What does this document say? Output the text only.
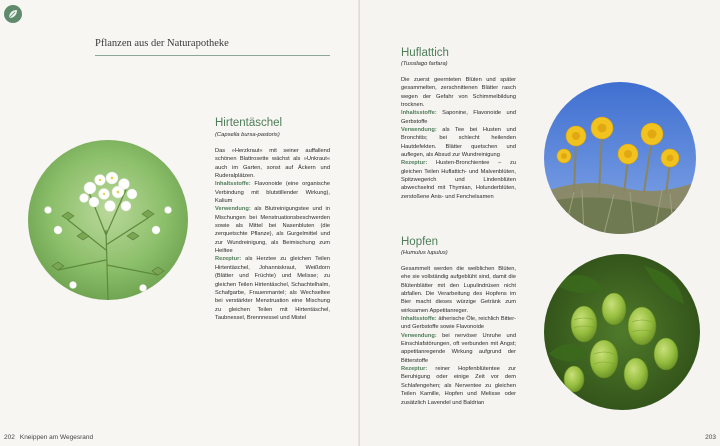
Pflanzen aus der Naturapotheke
Hirtentäschel
(Capsella bursa-pastoris)

Das »Herzkraut« mit seiner auffallend schönen Blattrosette wächst als »Unkraut« auch im Garten, sonst auf Äckern und Ruderalplätzen.
Inhaltsstoffe: Flavonoide (eine organische Verbindung mit blutstillender Wirkung), Kalium
Verwendung: als Blutreinigungstee und in Mischungen bei Menstruationsbeschwerden sowie als Mittel bei Nasenbluten (die zerquetschte Pflanze), als Gurgelmittel und zur Wundreinigung, als Beimischung zum Heiltee
Rezeptur: als Herztee zu gleichen Teilen Hirtentäschel, Johanniskraut, Weißdorn (Blätter und Früchte) und Melisse; zu gleichen Teilen Hirtentäschel, Schachtelhalm, Schafgarbe, Frauenmantel; als Wechseltee bei verstärkter Menstruation eine Mischung zu gleichen Teilen mit Hirtentäschel, Taubnessel, Brennnessel und Mistel

202 Kneippen am Wegesrand
Huflattich
(Tussilago farfara)

Die zuerst geernteten Blüten und später gesammelten, zerschnittenen Blätter rasch wegen der Gefahr von Schimmelbildung trocknen.
Inhaltsstoffe: Saponine, Flavonoide und Gerbstoffe
Verwendung: als Tee bei Husten und Bronchitis; bei schlecht heilenden Hautdefekten. Blätter quetschen und auflegen, als Absud zur Wundreinigung
Rezeptur: Husten-Bronchientee – zu gleichen Teilen Huflattich- und Malvenblüten, Spitzwegerich und Lindenblüten abwechselnd mit Thymian, Holunderblüten, zerstoßene Anis- und Fenchelsamen

Hopfen
(Humulus lupulus)

Gesammelt werden die weiblichen Blüten, ehe sie vollständig aufgeblüht sind, damit die Blütenblätter mit den Lupulindrüsen nicht abfallen. Die Verarbeitung des Hopfens im Bier macht dieses würzige Getränk zum wirksamen Appetitanreger.
Inhaltsstoffe: ätherische Öle, reichlich Bitter- und Gerbstoffe sowie Flavonoide
Verwendung: bei nervöser Unruhe und Einschlafstörungen, oft verbunden mit Angst; appetitanregende Wirkung aufgrund der Bitterstoffe
Rezeptur: reiner Hopfenblütentee zur Beruhigung oder einige Zeit vor dem Schlafengehen; als Nerventee zu gleichen Teilen Kamille, Hopfen und Melisse oder zusätzlich Lavendel und Baldrian

203
